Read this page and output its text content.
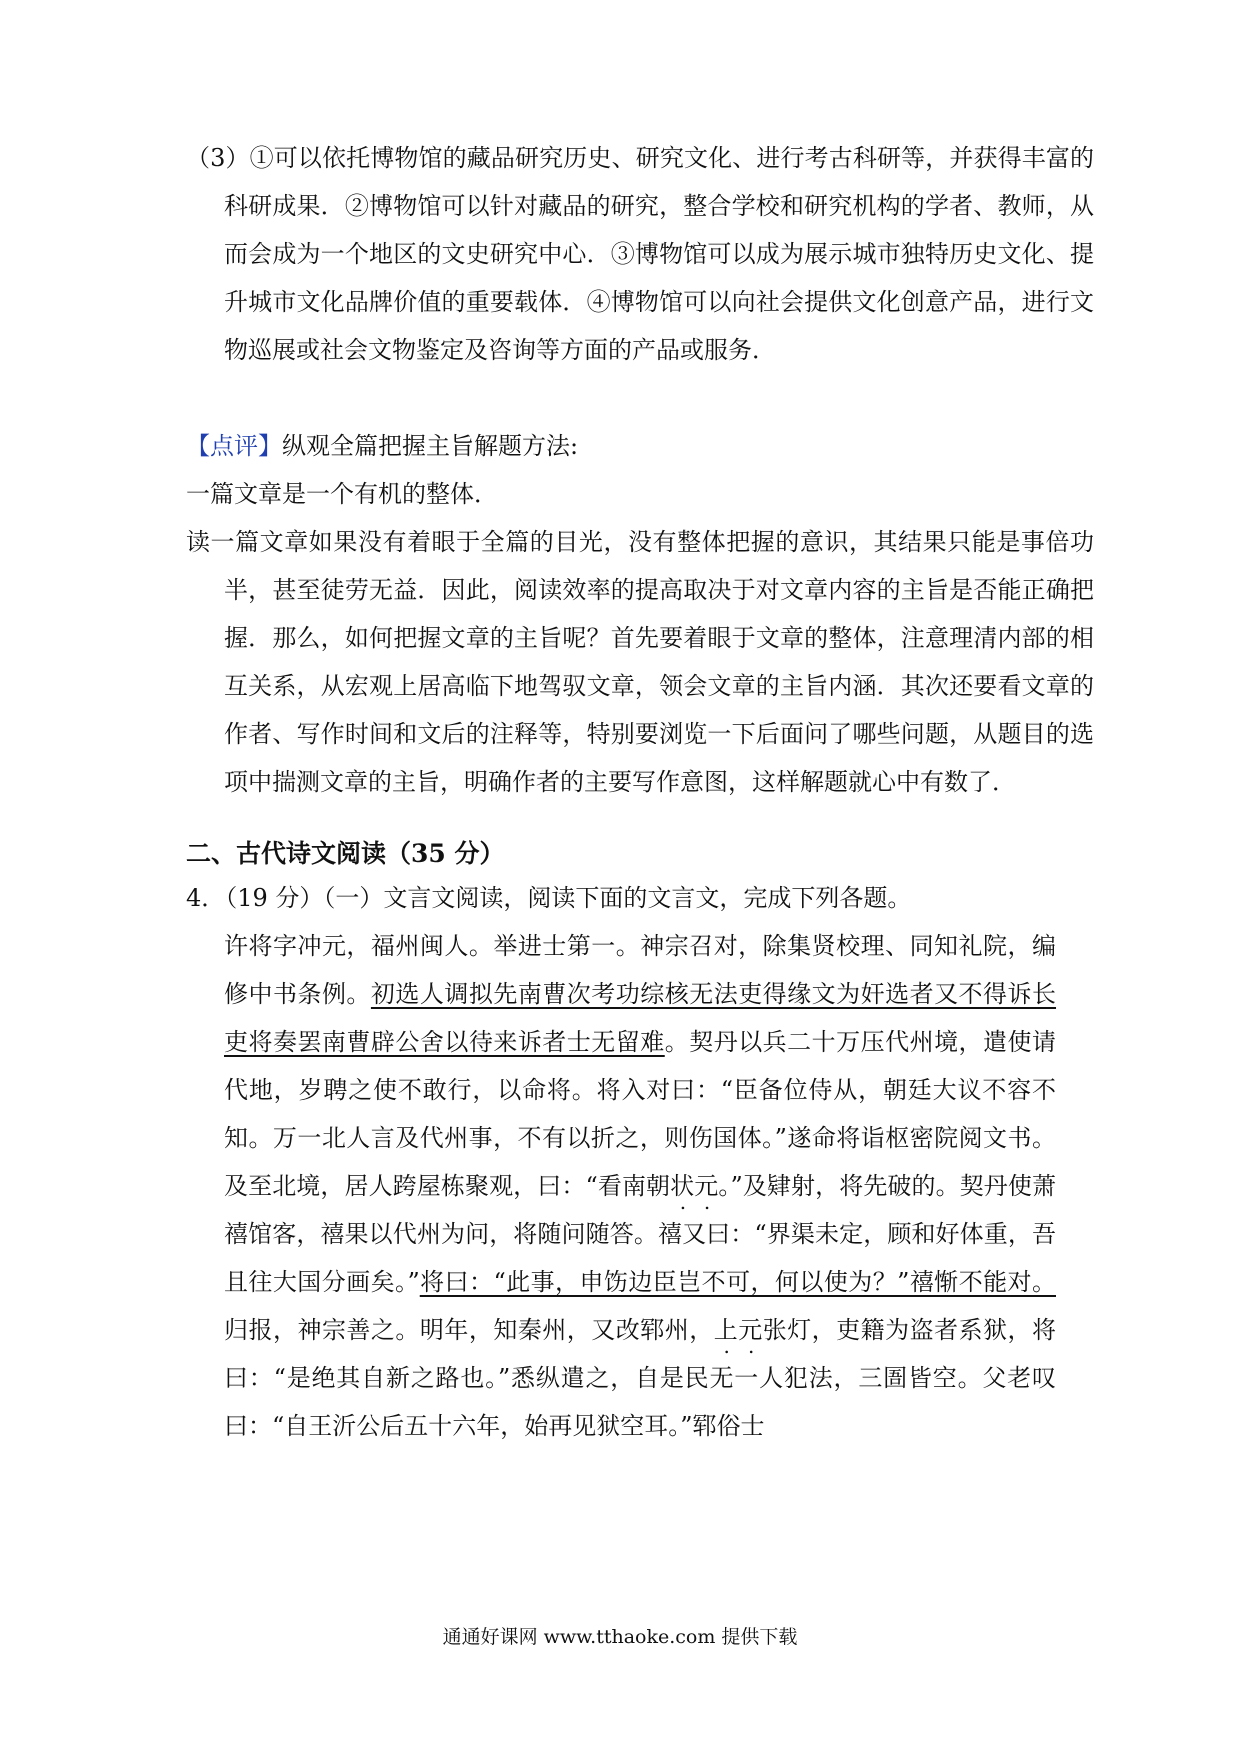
（3）①可以依托博物馆的藏品研究历史、研究文化、进行考古科研等，并获得丰富的科研成果．②博物馆可以针对藏品的研究，整合学校和研究机构的学者、教师，从而会成为一个地区的文史研究中心．③博物馆可以成为展示城市独特历史文化、提升城市文化品牌价值的重要载体．④博物馆可以向社会提供文化创意产品，进行文物巡展或社会文物鉴定及咨询等方面的产品或服务．
【点评】纵观全篇把握主旨解题方法:
一篇文章是一个有机的整体．
读一篇文章如果没有着眼于全篇的目光，没有整体把握的意识，其结果只能是事倍功半，甚至徒劳无益．因此，阅读效率的提高取决于对文章内容的主旨是否能正确把握．那么，如何把握文章的主旨呢？首先要着眼于文章的整体，注意理清内部的相互关系，从宏观上居高临下地驾驭文章，领会文章的主旨内涵．其次还要看文章的作者、写作时间和文后的注释等，特别要浏览一下后面问了哪些问题，从题目的选项中揣测文章的主旨，明确作者的主要写作意图，这样解题就心中有数了．
二、古代诗文阅读（35 分）
4．（19 分）（一）文言文阅读，阅读下面的文言文，完成下列各题。
许将字冲元，福州闽人。举进士第一。神宗召对，除集贤校理、同知礼院，编修中书条例。初选人调拟先南曹次考功综核无法吏得缘文为奸选者又不得诉长吏将奏罢南曹辟公舍以待来诉者士无留难。契丹以兵二十万压代州境，遣使请代地，岁聘之使不敢行，以命将。将入对曰：“臣备位侍从，朝廷大议不容不知。万一北人言及代州事，不有以折之，则伤国体。”遂命将诣枢密院阅文书。及至北境，居人跨屋栋聚观，曰：“看南朝状元。”及肄射，将先破的。契丹使萧禧馆客，禧果以代州为问，将随问随答。禧又曰：“界渠未定，顾和好体重，吾且往大国分画矣。”将曰：“此事，申饬边臣岂不可，何以使为？”禧惭不能对。归报，神宗善之。明年，知秦州，又改郓州，上元张灯，吏籍为盗者系狱，将曰：“是绝其自新之路也。”悉纵遣之，自是民无一人犯法，三圄皆空。父老叹曰：“自王沂公后五十六年，始再见狱空耳。”郓俗士
通通好课网 www.tthaoke.com 提供下载
